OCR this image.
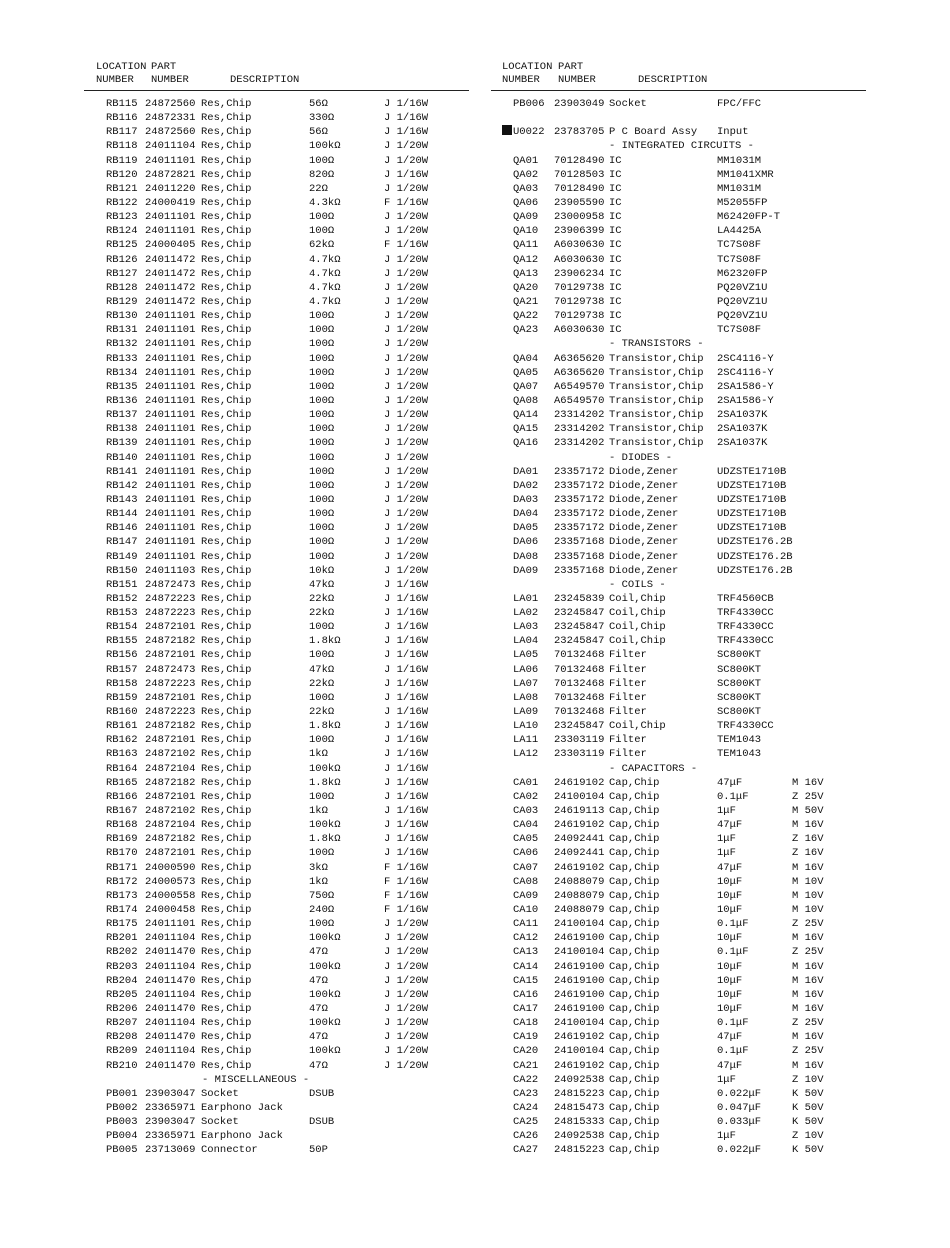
LOCATION
NUMBER
PART
NUMBER	DESCRIPTION
RB115 24872560 Res,Chip	56Ω	J 1/16W
RB116 24872331 Res,Chip	330Ω	J 1/16W
RB117 24872560 Res,Chip	56Ω	J 1/16W
RB118 24011104 Res,Chip	100kΩ	J 1/20W
RB119 24011101 Res,Chip	100Ω	J 1/20W
RB120 24872821 Res,Chip	820Ω	J 1/16W
RB121 24011220 Res,Chip	22Ω	J 1/20W
RB122 24000419 Res,Chip	4.3kΩ	F 1/16W
RB123 24011101 Res,Chip	100Ω	J 1/20W
RB124 24011101 Res,Chip	100Ω	J 1/20W
RB125 24000405 Res,Chip	62kΩ	F 1/16W
RB126 24011472 Res,Chip	4.7kΩ	J 1/20W
RB127 24011472 Res,Chip	4.7kΩ	J 1/20W
RB128 24011472 Res,Chip	4.7kΩ	J 1/20W
RB129 24011472 Res,Chip	4.7kΩ	J 1/20W
RB130 24011101 Res,Chip	100Ω	J 1/20W
RB131 24011101 Res,Chip	100Ω	J 1/20W
RB132 24011101 Res,Chip	100Ω	J 1/20W
RB133 24011101 Res,Chip	100Ω	J 1/20W
RB134 24011101 Res,Chip	100Ω	J 1/20W
RB135 24011101 Res,Chip	100Ω	J 1/20W
RB136 24011101 Res,Chip	100Ω	J 1/20W
RB137 24011101 Res,Chip	100Ω	J 1/20W
RB138 24011101 Res,Chip	100Ω	J 1/20W
RB139 24011101 Res,Chip	100Ω	J 1/20W
RB140 24011101 Res,Chip	100Ω	J 1/20W
RB141 24011101 Res,Chip	100Ω	J 1/20W
RB142 24011101 Res,Chip	100Ω	J 1/20W
RB143 24011101 Res,Chip	100Ω	J 1/20W
RB144 24011101 Res,Chip	100Ω	J 1/20W
RB146 24011101 Res,Chip	100Ω	J 1/20W
RB147 24011101 Res,Chip	100Ω	J 1/20W
RB149 24011101 Res,Chip	100Ω	J 1/20W
RB150 24011103 Res,Chip	10kΩ	J 1/20W
RB151 24872473 Res,Chip	47kΩ	J 1/16W
RB152 24872223 Res,Chip	22kΩ	J 1/16W
RB153 24872223 Res,Chip	22kΩ	J 1/16W
RB154 24872101 Res,Chip	100Ω	J 1/16W
RB155 24872182 Res,Chip	1.8kΩ	J 1/16W
RB156 24872101 Res,Chip	100Ω	J 1/16W
RB157 24872473 Res,Chip	47kΩ	J 1/16W
RB158 24872223 Res,Chip	22kΩ	J 1/16W
RB159 24872101 Res,Chip	100Ω	J 1/16W
RB160 24872223 Res,Chip	22kΩ	J 1/16W
RB161 24872182 Res,Chip	1.8kΩ	J 1/16W
RB162 24872101 Res,Chip	100Ω	J 1/16W
RB163 24872102 Res,Chip	1kΩ	J 1/16W
RB164 24872104 Res,Chip	100kΩ	J 1/16W
RB165 24872182 Res,Chip	1.8kΩ	J 1/16W
RB166 24872101 Res,Chip	100Ω	J 1/16W
RB167 24872102 Res,Chip	1kΩ	J 1/16W
RB168 24872104 Res,Chip	100kΩ	J 1/16W
RB169 24872182 Res,Chip	1.8kΩ	J 1/16W
RB170 24872101 Res,Chip	100Ω	J 1/16W
RB171 24000590 Res,Chip	3kΩ	F 1/16W
RB172 24000573 Res,Chip	1kΩ	F 1/16W
RB173 24000558 Res,Chip	750Ω	F 1/16W
RB174 24000458 Res,Chip	240Ω	F 1/16W
RB175 24011101 Res,Chip	100Ω	J 1/20W
RB201 24011104 Res,Chip	100kΩ	J 1/20W
RB202 24011470 Res,Chip	47Ω	J 1/20W
RB203 24011104 Res,Chip	100kΩ	J 1/20W
RB204 24011470 Res,Chip	47Ω	J 1/20W
RB205 24011104 Res,Chip	100kΩ	J 1/20W
RB206 24011470 Res,Chip	47Ω	J 1/20W
RB207 24011104 Res,Chip	100kΩ	J 1/20W
RB208 24011470 Res,Chip	47Ω	J 1/20W
RB209 24011104 Res,Chip	100kΩ	J 1/20W
RB210 24011470 Res,Chip	47Ω	J 1/20W
- MISCELLANEOUS -
PB001 23903047 Socket	DSUB
PB002 23365971 Earphono Jack
PB003 23903047 Socket	DSUB
PB004 23365971 Earphono Jack
PB005 23713069 Connector	50P
LOCATION
NUMBER
PART
NUMBER	DESCRIPTION
PB006 23903049 Socket	FPC/FFC
U0022 23783705 P C Board Assy Input
- INTEGRATED CIRCUITS -
QA01 70128490 IC	MM1031M
QA02 70128503 IC	MM1041XMR
QA03 70128490 IC	MM1031M
QA06 23905590 IC	M52055FP
QA09 23000958 IC	M62420FP-T
QA10 23906399 IC	LA4425A
QA11 A6030630 IC	TC7S08F
QA12 A6030630 IC	TC7S08F
QA13 23906234 IC	M62320FP
QA20 70129738 IC	PQ20VZ1U
QA21 70129738 IC	PQ20VZ1U
QA22 70129738 IC	PQ20VZ1U
QA23 A6030630 IC	TC7S08F
- TRANSISTORS -
QA04 A6365620 Transistor,Chip 2SC4116-Y
QA05 A6365620 Transistor,Chip 2SC4116-Y
QA07 A6549570 Transistor,Chip 2SA1586-Y
QA08 A6549570 Transistor,Chip 2SA1586-Y
QA14 23314202 Transistor,Chip 2SA1037K
QA15 23314202 Transistor,Chip 2SA1037K
QA16 23314202 Transistor,Chip 2SA1037K
- DIODES -
DA01 23357172 Diode,Zener	UDZSTE1710B
DA02 23357172 Diode,Zener	UDZSTE1710B
DA03 23357172 Diode,Zener	UDZSTE1710B
DA04 23357172 Diode,Zener	UDZSTE1710B
DA05 23357172 Diode,Zener	UDZSTE1710B
DA06 23357168 Diode,Zener	UDZSTE176.2B
DA08 23357168 Diode,Zener	UDZSTE176.2B
DA09 23357168 Diode,Zener	UDZSTE176.2B
- COILS -
LA01 23245839 Coil,Chip	TRF4560CB
LA02 23245847 Coil,Chip	TRF4330CC
LA03 23245847 Coil,Chip	TRF4330CC
LA04 23245847 Coil,Chip	TRF4330CC
LA05 70132468 Filter	SC800KT
LA06 70132468 Filter	SC800KT
LA07 70132468 Filter	SC800KT
LA08 70132468 Filter	SC800KT
LA09 70132468 Filter	SC800KT
LA10 23245847 Coil,Chip	TRF4330CC
LA11 23303119 Filter	TEM1043
LA12 23303119 Filter	TEM1043
- CAPACITORS -
CA01 24619102 Cap,Chip	47μF	M 16V
CA02 24100104 Cap,Chip	0.1μF	Z 25V
CA03 24619113 Cap,Chip	1μF	M 50V
CA04 24619102 Cap,Chip	47μF	M 16V
CA05 24092441 Cap,Chip	1μF	Z 16V
CA06 24092441 Cap,Chip	1μF	Z 16V
CA07 24619102 Cap,Chip	47μF	M 16V
CA08 24088079 Cap,Chip	10μF	M 10V
CA09 24088079 Cap,Chip	10μF	M 10V
CA10 24088079 Cap,Chip	10μF	M 10V
CA11 24100104 Cap,Chip	0.1μF	Z 25V
CA12 24619100 Cap,Chip	10μF	M 16V
CA13 24100104 Cap,Chip	0.1μF	Z 25V
CA14 24619100 Cap,Chip	10μF	M 16V
CA15 24619100 Cap,Chip	10μF	M 16V
CA16 24619100 Cap,Chip	10μF	M 16V
CA17 24619100 Cap,Chip	10μF	M 16V
CA18 24100104 Cap,Chip	0.1μF	Z 25V
CA19 24619102 Cap,Chip	47μF	M 16V
CA20 24100104 Cap,Chip	0.1μF	Z 25V
CA21 24619102 Cap,Chip	47μF	M 16V
CA22 24092538 Cap,Chip	1μF	Z 10V
CA23 24815223 Cap,Chip	0.022μF	K 50V
CA24 24815473 Cap,Chip	0.047μF	K 50V
CA25 24815333 Cap,Chip	0.033μF	K 50V
CA26 24092538 Cap,Chip	1μF	Z 10V
CA27 24815223 Cap,Chip	0.022μF	K 50V
